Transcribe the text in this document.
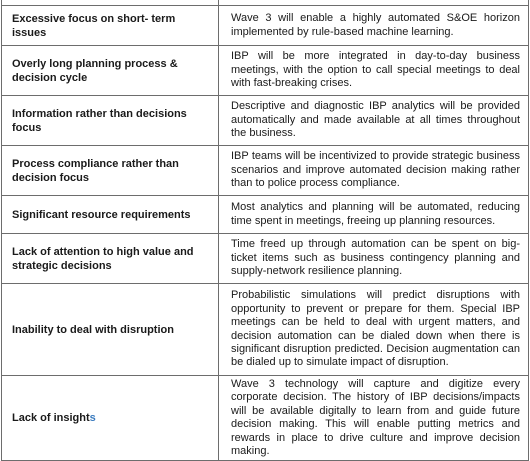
Excessive focus on short- term issues	Wave 3 will enable a highly automated S&OE horizon implemented by rule-based machine learning.
Overly long planning process & decision cycle	IBP will be more integrated in day-to-day business meetings, with the option to call special meetings to deal with fast-breaking crises.
Information rather than decisions focus	Descriptive and diagnostic IBP analytics will be provided automatically and made available at all times throughout the business.
Process compliance rather than decision focus	IBP teams will be incentivized to provide strategic business scenarios and improve automated decision making rather than to police process compliance.
Significant resource requirements	Most analytics and planning will be automated, reducing time spent in meetings, freeing up planning resources.
Lack of attention to high value and strategic decisions	Time freed up through automation can be spent on big-ticket items such as business contingency planning and supply-network resilience planning.
Inability to deal with disruption	Probabilistic simulations will predict disruptions with opportunity to prevent or prepare for them. Special IBP meetings can be held to deal with urgent matters, and decision automation can be dialed down when there is significant disruption predicted. Decision augmentation can be dialed up to simulate impact of disruption.
Lack of insights	Wave 3 technology will capture and digitize every corporate decision. The history of IBP decisions/impacts will be available digitally to learn from and guide future decision making. This will enable putting metrics and rewards in place to drive culture and improve decision making.
